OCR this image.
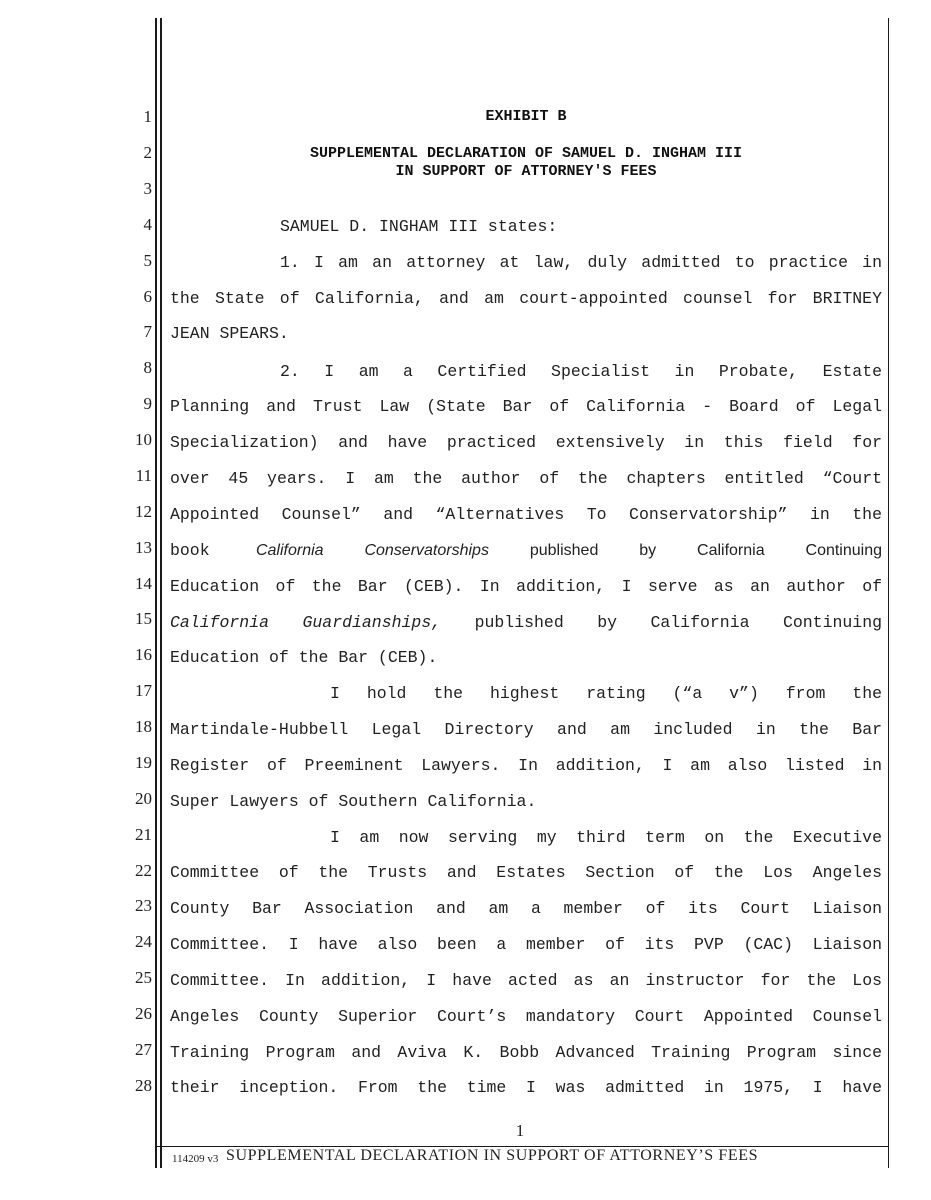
1
2
3
4
5
6
7
8
9
10
11
12
13
14
15
16
17
18
19
20
21
22
23
24
25
26
27
28
EXHIBIT B
SUPPLEMENTAL DECLARATION OF SAMUEL D. INGHAM III
IN SUPPORT OF ATTORNEY'S FEES
SAMUEL D. INGHAM III states:
1. I am an attorney at law, duly admitted to practice in
the State of California, and am court-appointed counsel for BRITNEY
JEAN SPEARS.
2. I am a Certified Specialist in Probate, Estate
Planning and Trust Law (State Bar of California - Board of Legal
Specialization) and have practiced extensively in this field for
over 45 years. I am the author of the chapters entitled “Court
Appointed Counsel” and “Alternatives To Conservatorship” in the
book California Conservatorships published by California Continuing
Education of the Bar (CEB). In addition, I serve as an author of
California Guardianships, published by California Continuing
Education of the Bar (CEB).
I hold the highest rating (“a v”) from the
Martindale-Hubbell Legal Directory and am included in the Bar
Register of Preeminent Lawyers. In addition, I am also listed in
Super Lawyers of Southern California.
I am now serving my third term on the Executive
Committee of the Trusts and Estates Section of the Los Angeles
County Bar Association and am a member of its Court Liaison
Committee. I have also been a member of its PVP (CAC) Liaison
Committee. In addition, I have acted as an instructor for the Los
Angeles County Superior Court’s mandatory Court Appointed Counsel
Training Program and Aviva K. Bobb Advanced Training Program since
their inception. From the time I was admitted in 1975, I have
1
114209 v3 SUPPLEMENTAL DECLARATION IN SUPPORT OF ATTORNEY’S FEES
